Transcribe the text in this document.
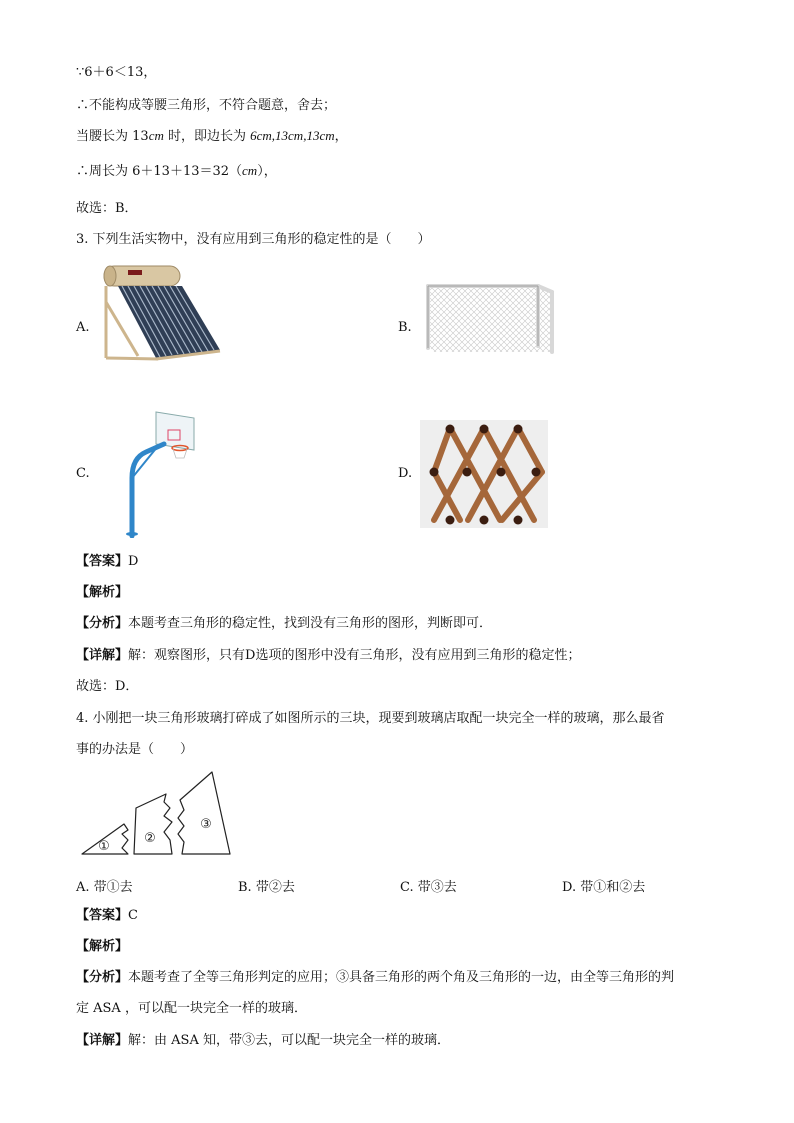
∵6＋6＜13，
∴不能构成等腰三角形，不符合题意，舍去；
当腰长为 13cm 时，即边长为 6cm,13cm,13cm，
∴周长为 6＋13＋13＝32（cm），
故选：B．
3. 下列生活实物中，没有应用到三角形的稳定性的是（　　）
A.	B.
C.	D.
【答案】D
【解析】
【分析】本题考查三角形的稳定性，找到没有三角形的图形，判断即可．
【详解】解：观察图形，只有D选项的图形中没有三角形，没有应用到三角形的稳定性；
故选：D．
4. 小刚把一块三角形玻璃打碎成了如图所示的三块，现要到玻璃店取配一块完全一样的玻璃，那么最省
事的办法是（　　）
①
②
③
A. 带①去	B. 带②去	C. 带③去	D. 带①和②去
【答案】C
【解析】
【分析】本题考查了全等三角形判定的应用；③具备三角形的两个角及三角形的一边，由全等三角形的判
定 ASA ，可以配一块完全一样的玻璃．
【详解】解：由 ASA 知，带③去，可以配一块完全一样的玻璃．
